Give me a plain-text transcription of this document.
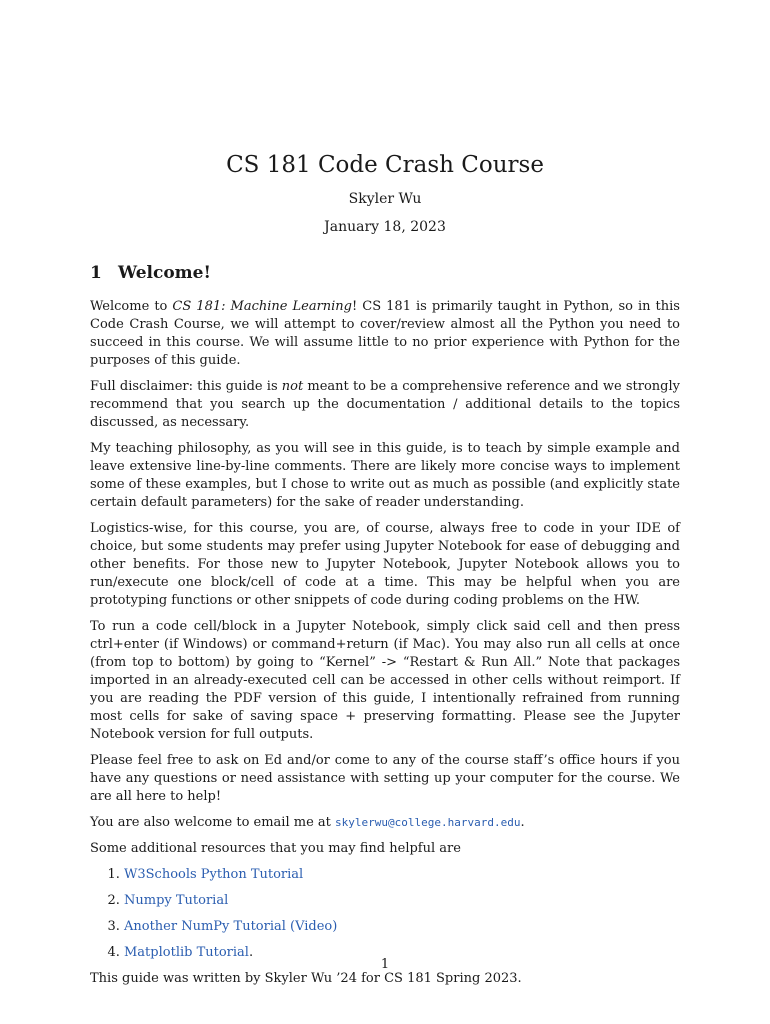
CS 181 Code Crash Course
Skyler Wu
January 18, 2023
1 Welcome!

Welcome to CS 181: Machine Learning! CS 181 is primarily taught in Python, so in this Code Crash Course, we will attempt to cover/review almost all the Python you need to succeed in this course. We will assume little to no prior experience with Python for the purposes of this guide.

Full disclaimer: this guide is not meant to be a comprehensive reference and we strongly recommend that you search up the documentation / additional details to the topics discussed, as necessary.

My teaching philosophy, as you will see in this guide, is to teach by simple example and leave extensive line-by-line comments. There are likely more concise ways to implement some of these examples, but I chose to write out as much as possible (and explicitly state certain default parameters) for the sake of reader understanding.

Logistics-wise, for this course, you are, of course, always free to code in your IDE of choice, but some students may prefer using Jupyter Notebook for ease of debugging and other benefits. For those new to Jupyter Notebook, Jupyter Notebook allows you to run/execute one block/cell of code at a time. This may be helpful when you are prototyping functions or other snippets of code during coding problems on the HW.

To run a code cell/block in a Jupyter Notebook, simply click said cell and then press ctrl+enter (if Windows) or command+return (if Mac). You may also run all cells at once (from top to bottom) by going to “Kernel” -> “Restart & Run All.” Note that packages imported in an already-executed cell can be accessed in other cells without reimport. If you are reading the PDF version of this guide, I intentionally refrained from running most cells for sake of saving space + preserving formatting. Please see the Jupyter Notebook version for full outputs.

Please feel free to ask on Ed and/or come to any of the course staff’s office hours if you have any questions or need assistance with setting up your computer for the course. We are all here to help!

You are also welcome to email me at skylerwu@college.harvard.edu.

Some additional resources that you may find helpful are

1. W3Schools Python Tutorial
2. Numpy Tutorial
3. Another NumPy Tutorial (Video)
4. Matplotlib Tutorial.

This guide was written by Skyler Wu ’24 for CS 181 Spring 2023.

1
